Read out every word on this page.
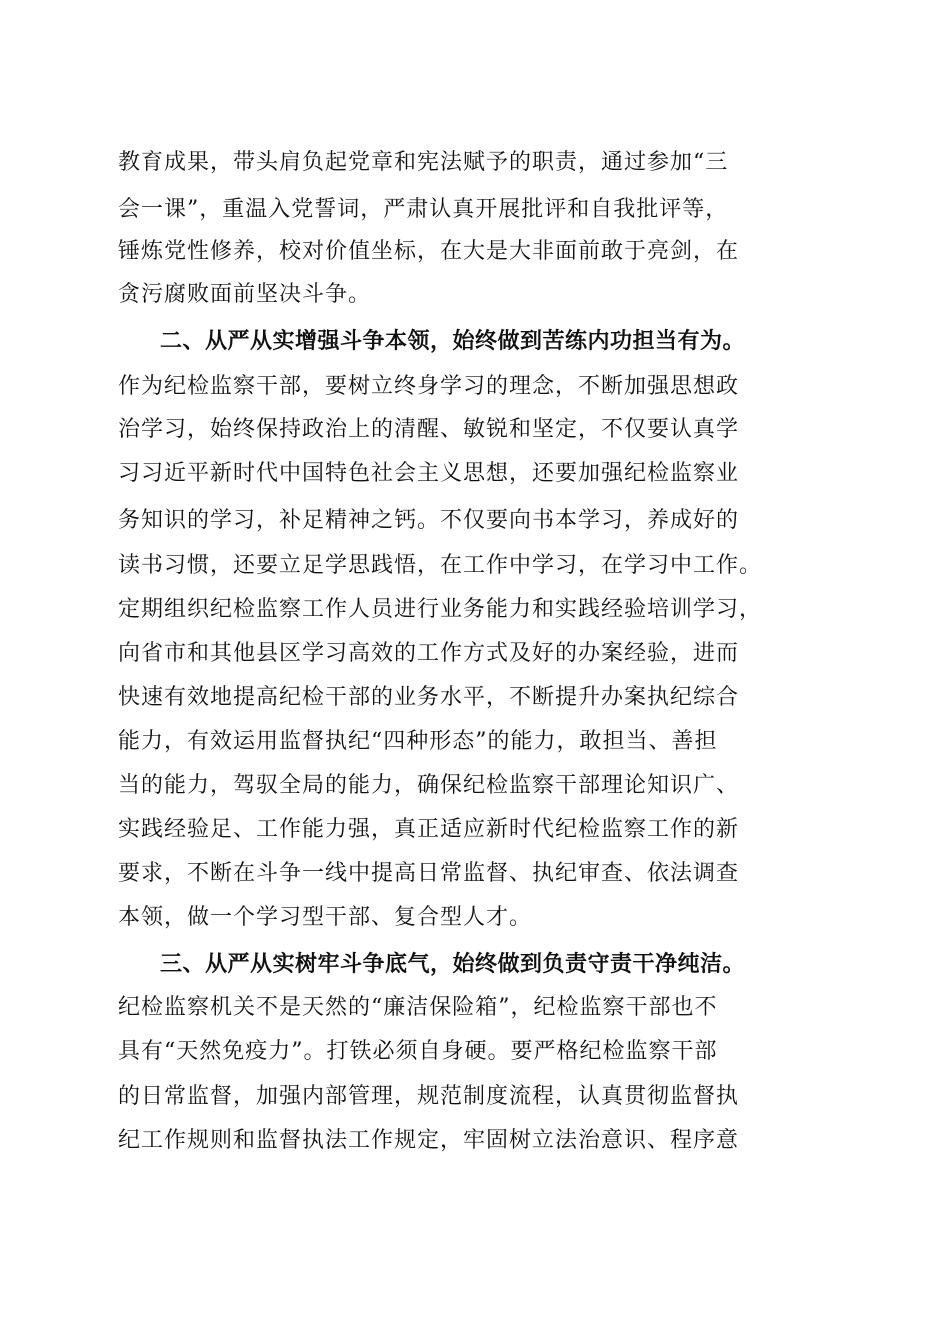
教育成果，带头肩负起党章和宪法赋予的职责，通过参加“三
会一课”，重温入党誓词，严肃认真开展批评和自我批评等，
锤炼党性修养，校对价值坐标，在大是大非面前敢于亮剑，在
贪污腐败面前坚决斗争。
二、从严从实增强斗争本领，始终做到苦练内功担当有为。
作为纪检监察干部，要树立终身学习的理念，不断加强思想政
治学习，始终保持政治上的清醒、敏锐和坚定，不仅要认真学
习习近平新时代中国特色社会主义思想，还要加强纪检监察业
务知识的学习，补足精神之钙。不仅要向书本学习，养成好的
读书习惯，还要立足学思践悟，在工作中学习，在学习中工作。
定期组织纪检监察工作人员进行业务能力和实践经验培训学习，
向省市和其他县区学习高效的工作方式及好的办案经验，进而
快速有效地提高纪检干部的业务水平，不断提升办案执纪综合
能力，有效运用监督执纪“四种形态”的能力，敢担当、善担
当的能力，驾驭全局的能力，确保纪检监察干部理论知识广、
实践经验足、工作能力强，真正适应新时代纪检监察工作的新
要求，不断在斗争一线中提高日常监督、执纪审查、依法调查
本领，做一个学习型干部、复合型人才。
三、从严从实树牢斗争底气，始终做到负责守责干净纯洁。
纪检监察机关不是天然的“廉洁保险箱”，纪检监察干部也不
具有“天然免疫力”。打铁必须自身硬。要严格纪检监察干部
的日常监督，加强内部管理，规范制度流程，认真贯彻监督执
纪工作规则和监督执法工作规定，牢固树立法治意识、程序意
